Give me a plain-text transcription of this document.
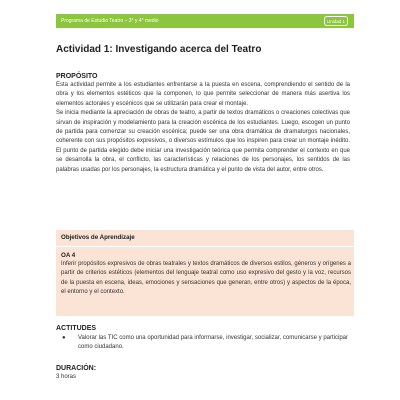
Programa de Estudio Teatro – 3° y 4° medio	Unidad 1
Actividad 1: Investigando acerca del Teatro
PROPÓSITO

Esta actividad permite a los estudiantes enfrentarse a la puesta en escena, comprendiendo el sentido de la obra y los elementos estéticos que la componen, lo que permite seleccionar de manera más asertiva los elementos actorales y escénicos que se utilizarán para crear el montaje.

Se inicia mediante la apreciación de obras de teatro, a partir de textos dramáticos o creaciones colectivas que sirvan de inspiración y modelamiento para la creación escénica de los estudiantes. Luego, escogen un punto de partida para comenzar su creación escénica; puede ser una obra dramática de dramaturgos nacionales, coherente con sus propósitos expresivos, o diversos estímulos que los inspiren para crear un montaje inédito. El punto de partida elegido debe iniciar una investigación teórica que permita comprender el contexto en que se desarrolla la obra, el conflicto, las características y relaciones de los personajes, los sentidos de las palabras usadas por los personajes, la estructura dramática y el punto de vista del autor, entre otros.

Objetivos de Aprendizaje
OA 4
Inferir propósitos expresivos de obras teatrales y textos dramáticos de diversos estilos, géneros y orígenes a partir de criterios estéticos (elementos del lenguaje teatral como uso expresivo del gesto y la voz, recursos de la puesta en escena, ideas, emociones y sensaciones que generan, entre otros) y aspectos de la época, el entorno y el contexto.
ACTITUDES
● Valorar las TIC como una oportunidad para informarse, investigar, socializar, comunicarse y participar como ciudadano.
DURACIÓN:
3 horas
